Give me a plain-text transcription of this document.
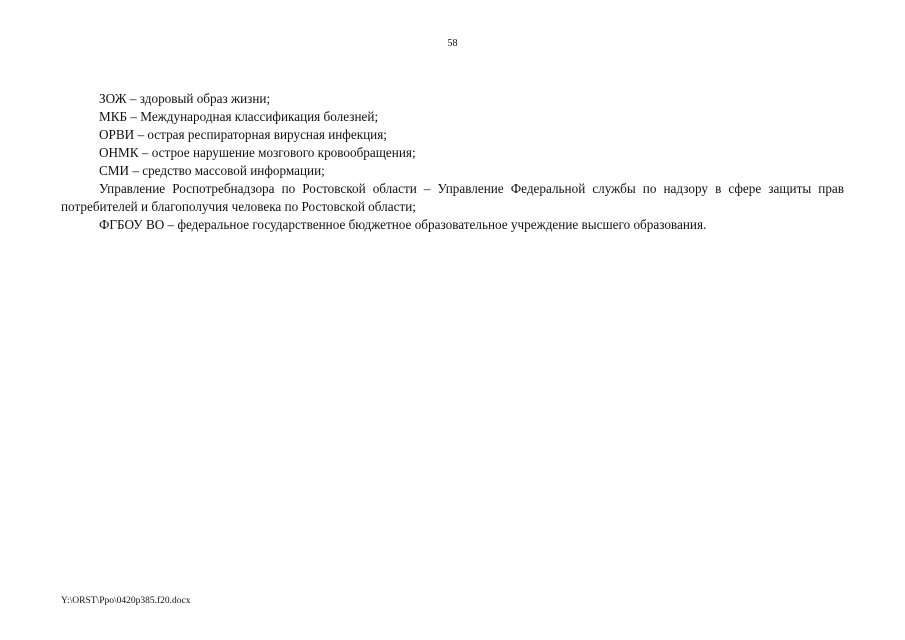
58

ЗОЖ – здоровый образ жизни;

МКБ – Международная классификация болезней;

ОРВИ – острая респираторная вирусная инфекция;

ОНМК – острое нарушение мозгового кровообращения;

СМИ – средство массовой информации;

Управление Роспотребнадзора по Ростовской области – Управление Федеральной службы по надзору в сфере защиты прав потребителей и благополучия человека по Ростовской области;

ФГБОУ ВО – федеральное государственное бюджетное образовательное учреждение высшего образования.

Y:\ORST\Ppo\0420p385.f20.docx
